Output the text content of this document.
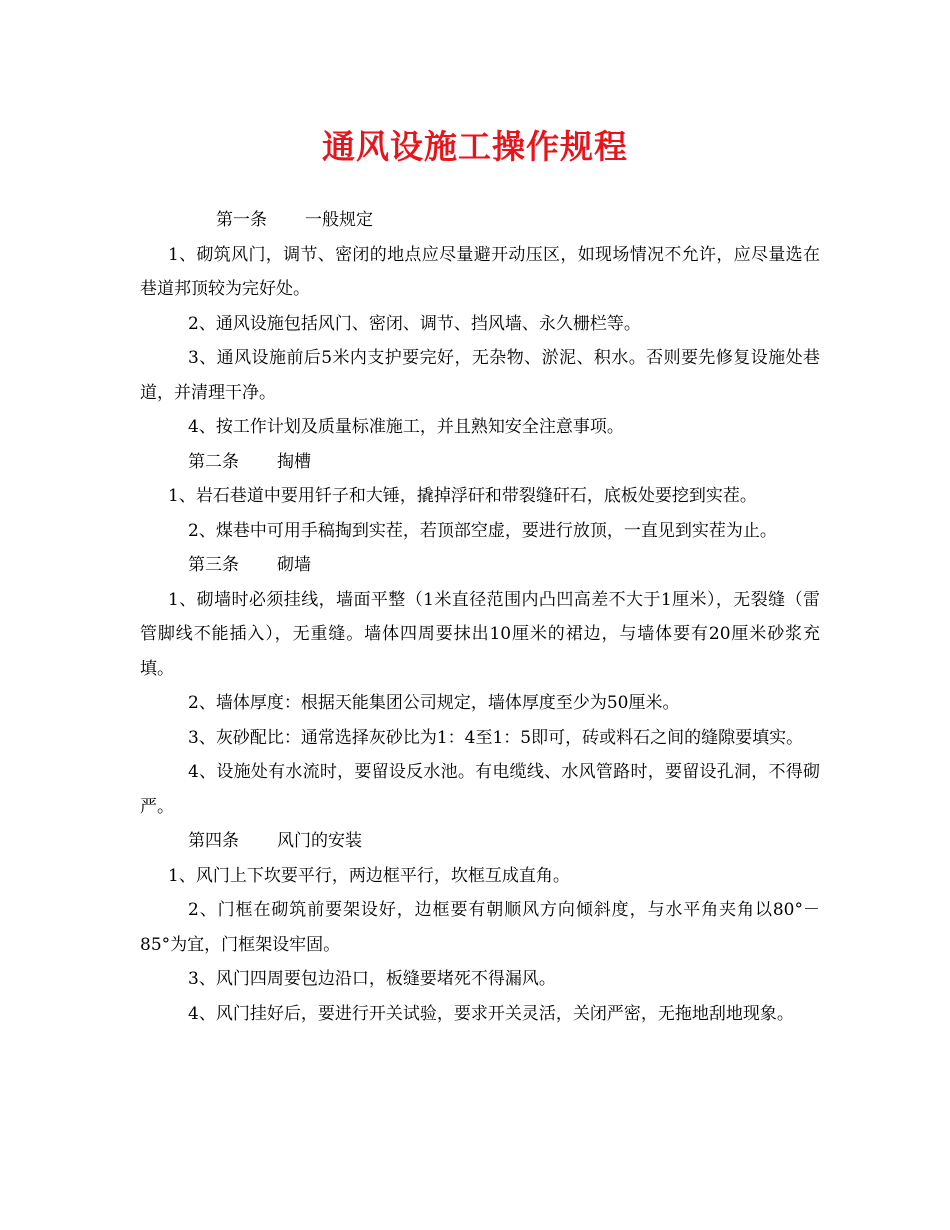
通风设施工操作规程

第一条 一般规定

1、砌筑风门，调节、密闭的地点应尽量避开动压区，如现场情况不允许，应尽量选在巷道邦顶较为完好处。

2、通风设施包括风门、密闭、调节、挡风墙、永久栅栏等。

3、通风设施前后5米内支护要完好，无杂物、淤泥、积水。否则要先修复设施处巷道，并清理干净。

4、按工作计划及质量标准施工，并且熟知安全注意事项。

第二条 掏槽

1、岩石巷道中要用钎子和大锤，撬掉浮矸和带裂缝矸石，底板处要挖到实茬。

2、煤巷中可用手稿掏到实茬，若顶部空虚，要进行放顶，一直见到实茬为止。

第三条 砌墙

1、砌墙时必须挂线，墙面平整（1米直径范围内凸凹高差不大于1厘米），无裂缝（雷管脚线不能插入），无重缝。墙体四周要抹出10厘米的裙边，与墙体要有20厘米砂浆充填。

2、墙体厚度：根据天能集团公司规定，墙体厚度至少为50厘米。

3、灰砂配比：通常选择灰砂比为1：4至1：5即可，砖或料石之间的缝隙要填实。

4、设施处有水流时，要留设反水池。有电缆线、水风管路时，要留设孔洞，不得砌严。

第四条 风门的安装

1、风门上下坎要平行，两边框平行，坎框互成直角。

2、门框在砌筑前要架设好，边框要有朝顺风方向倾斜度，与水平角夹角以80°－85°为宜，门框架设牢固。

3、风门四周要包边沿口，板缝要堵死不得漏风。

4、风门挂好后，要进行开关试验，要求开关灵活，关闭严密，无拖地刮地现象。
